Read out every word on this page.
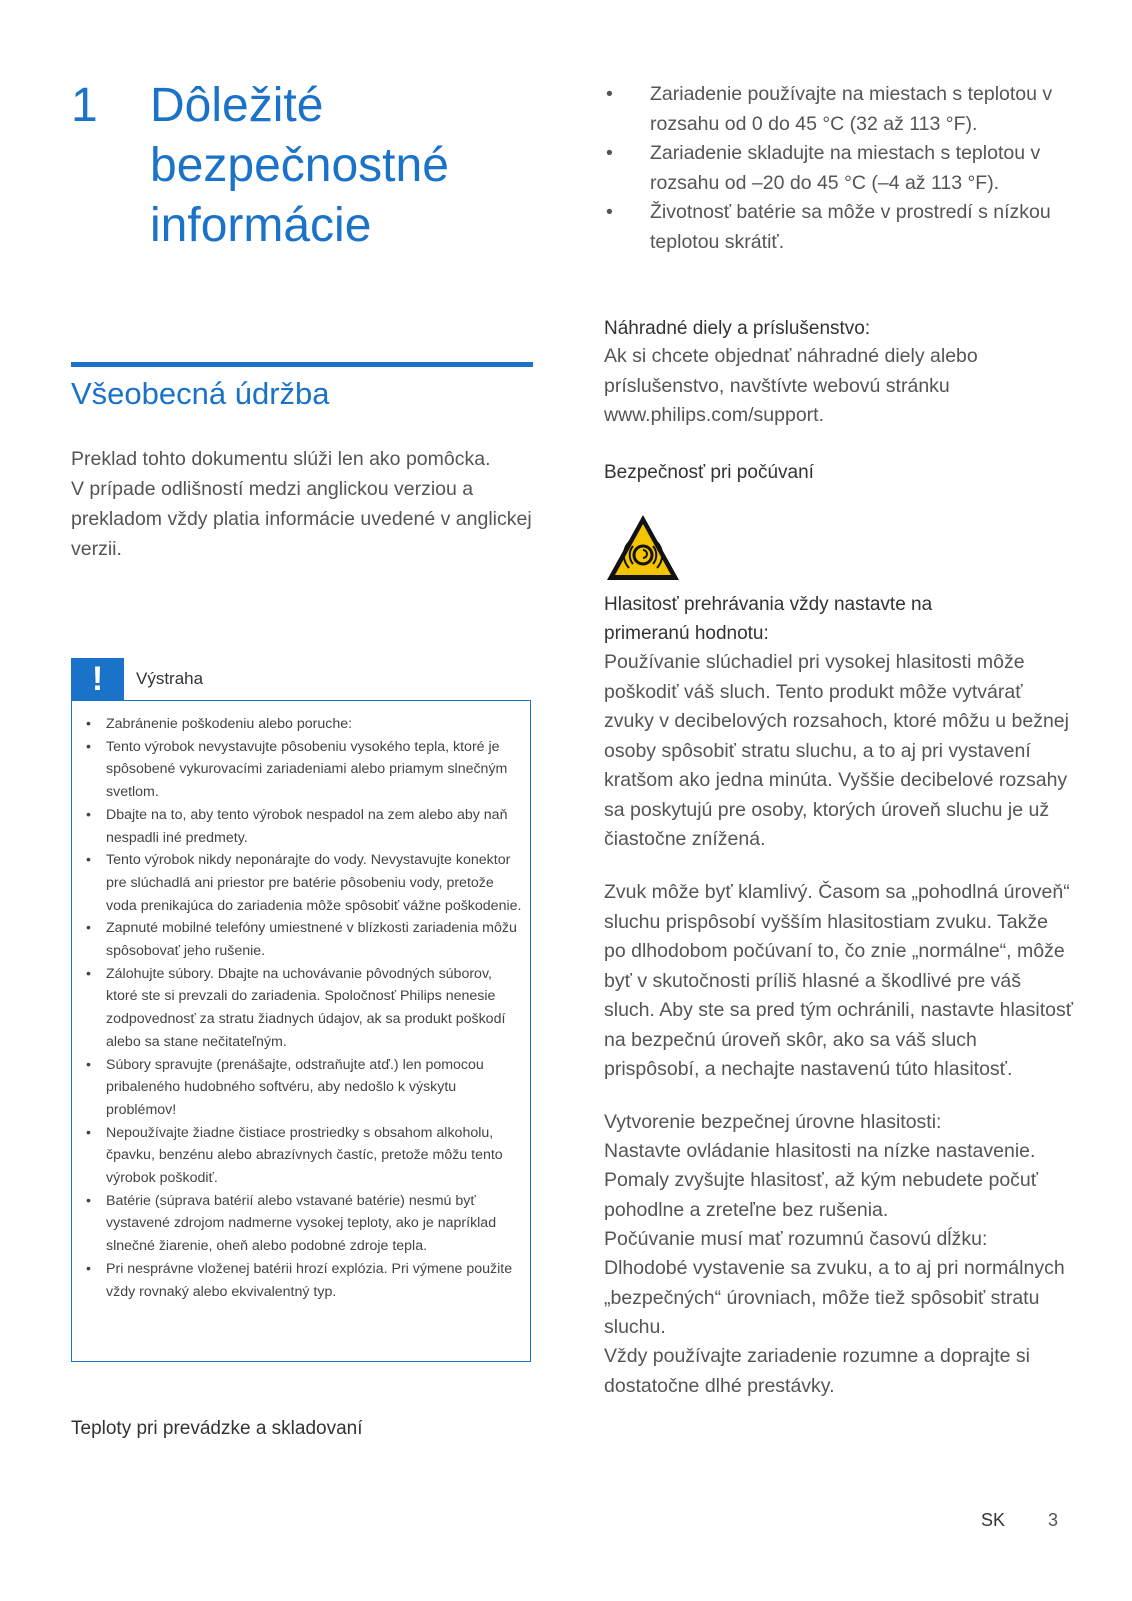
1 Dôležité bezpečnostné informácie
Všeobecná údržba

Preklad tohto dokumentu slúži len ako pomôcka.

V prípade odlišností medzi anglickou verziou a prekladom vždy platia informácie uvedené v anglickej verzii.

!	Výstraha
• Zabránenie poškodeniu alebo poruche:
• Tento výrobok nevystavujte pôsobeniu vysokého tepla, ktoré je spôsobené vykurovacími zariadeniami alebo priamym slnečným svetlom.
• Dbajte na to, aby tento výrobok nespadol na zem alebo aby naň nespadli iné predmety.
• Tento výrobok nikdy neponárajte do vody. Nevystavujte konektor pre slúchadlá ani priestor pre batérie pôsobeniu vody, pretože voda prenikajúca do zariadenia môže spôsobiť vážne poškodenie.
• Zapnuté mobilné telefóny umiestnené v blízkosti zariadenia môžu spôsobovať jeho rušenie.
• Zálohujte súbory. Dbajte na uchovávanie pôvodných súborov, ktoré ste si prevzali do zariadenia. Spoločnosť Philips nenesie zodpovednosť za stratu žiadnych údajov, ak sa produkt poškodí alebo sa stane nečitateľným.
• Súbory spravujte (prenášajte, odstraňujte atď.) len pomocou pribaleného hudobného softvéru, aby nedošlo k výskytu problémov!
• Nepoužívajte žiadne čistiace prostriedky s obsahom alkoholu, čpavku, benzénu alebo abrazívnych častíc, pretože môžu tento výrobok poškodiť.
• Batérie (súprava batérií alebo vstavané batérie) nesmú byť vystavené zdrojom nadmerne vysokej teploty, ako je napríklad slnečné žiarenie, oheň alebo podobné zdroje tepla.
• Pri nesprávne vloženej batérii hrozí explózia. Pri výmene použite vždy rovnaký alebo ekvivalentný typ.
Teploty pri prevádzke a skladovaní
• Zariadenie používajte na miestach s teplotou v rozsahu od 0 do 45 °C (32 až 113 °F).
• Zariadenie skladujte na miestach s teplotou v rozsahu od –20 do 45 °C (–4 až 113 °F).
• Životnosť batérie sa môže v prostredí s nízkou teplotou skrátiť.
Náhradné diely a príslušenstvo:

Ak si chcete objednať náhradné diely alebo príslušenstvo, navštívte webovú stránku www.philips.com/support.

Bezpečnosť pri počúvaní
Hlasitosť prehrávania vždy nastavte na primeranú hodnotu:

Používanie slúchadiel pri vysokej hlasitosti môže poškodiť váš sluch. Tento produkt môže vytvárať zvuky v decibelových rozsahoch, ktoré môžu u bežnej osoby spôsobiť stratu sluchu, a to aj pri vystavení kratšom ako jedna minúta. Vyššie decibelové rozsahy sa poskytujú pre osoby, ktorých úroveň sluchu je už čiastočne znížená.

Zvuk môže byť klamlivý. Časom sa „pohodlná úroveň“ sluchu prispôsobí vyšším hlasitostiam zvuku. Takže po dlhodobom počúvaní to, čo znie „normálne“, môže byť v skutočnosti príliš hlasné a škodlivé pre váš sluch. Aby ste sa pred tým ochránili, nastavte hlasitosť na bezpečnú úroveň skôr, ako sa váš sluch prispôsobí, a nechajte nastavenú túto hlasitosť.

Vytvorenie bezpečnej úrovne hlasitosti:

Nastavte ovládanie hlasitosti na nízke nastavenie.

Pomaly zvyšujte hlasitosť, až kým nebudete počuť pohodlne a zreteľne bez rušenia.

Počúvanie musí mať rozumnú časovú dĺžku:

Dlhodobé vystavenie sa zvuku, a to aj pri normálnych „bezpečných“ úrovniach, môže tiež spôsobiť stratu sluchu.

Vždy používajte zariadenie rozumne a doprajte si dostatočne dlhé prestávky.

SK 3
